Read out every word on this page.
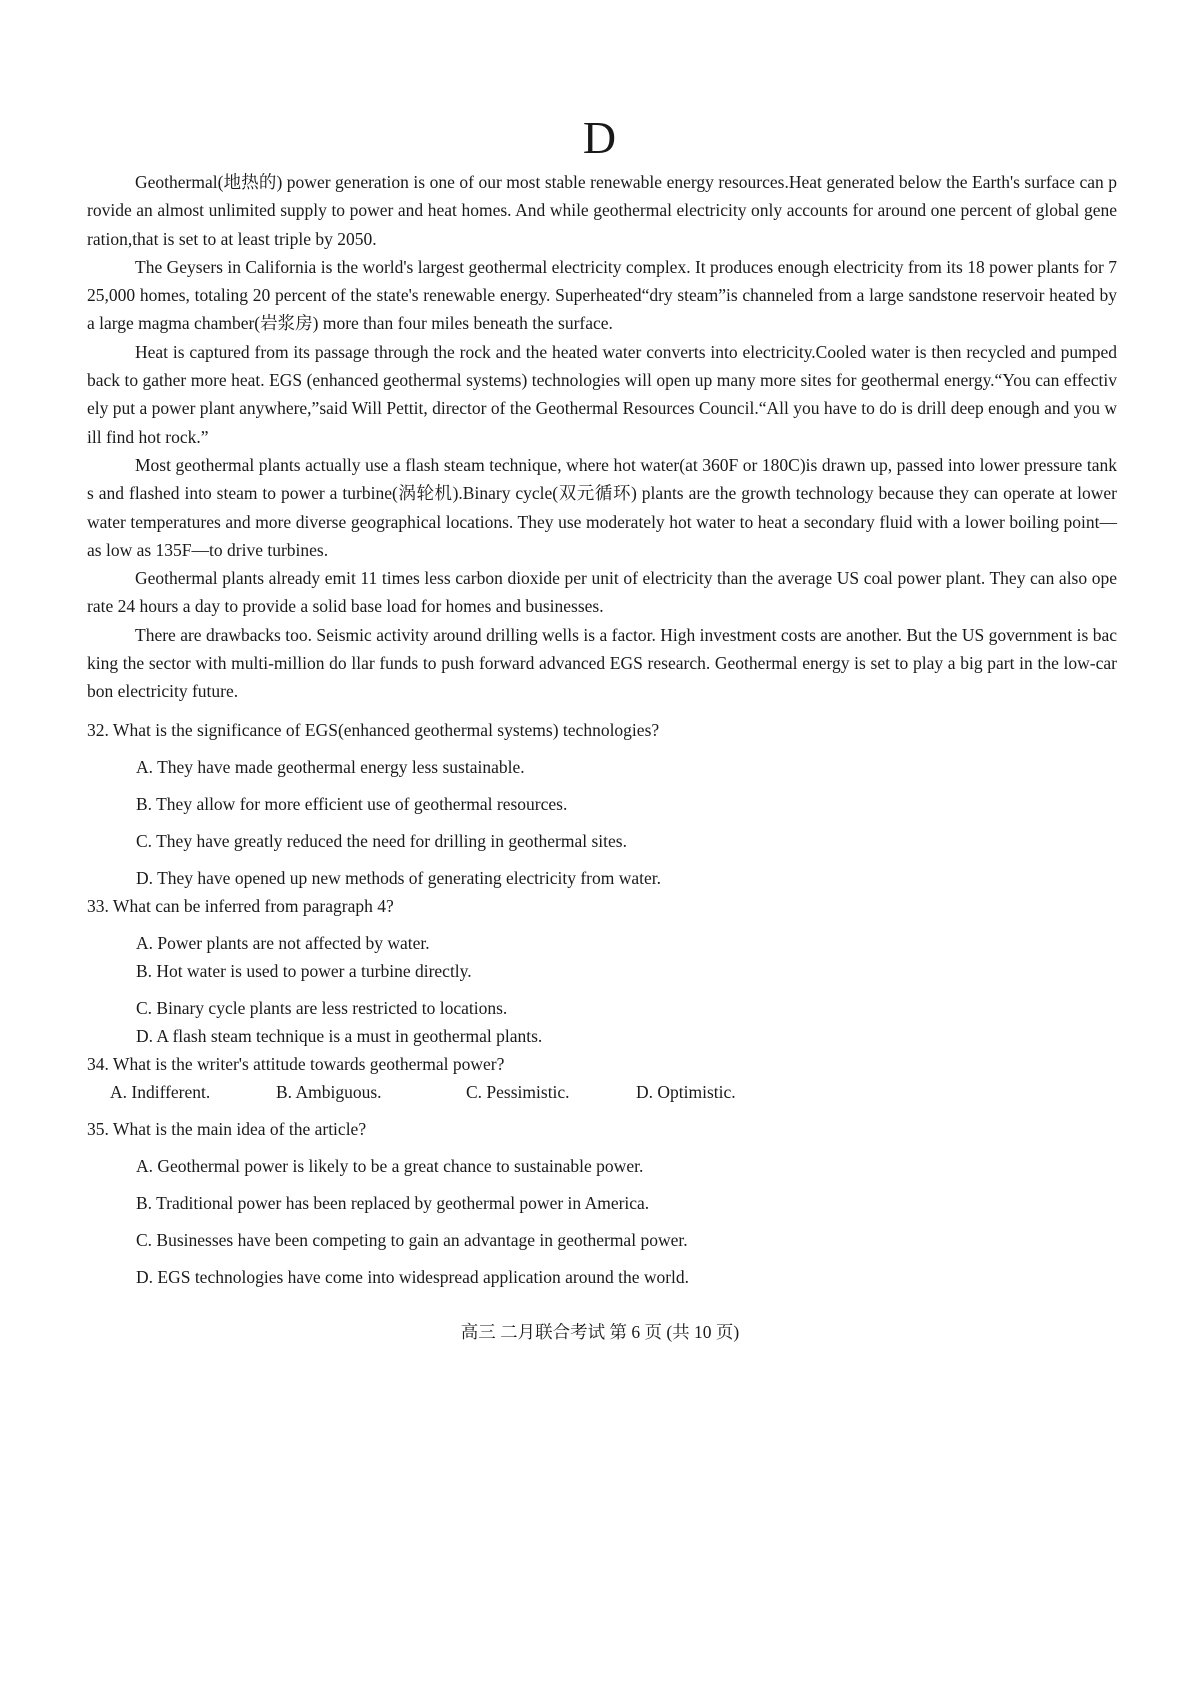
D

Geothermal(地热的) power generation is one of our most stable renewable energy resources.Heat generated below the Earth's surface can provide an almost unlimited supply to power and heat homes. And while geothermal electricity only accounts for around one percent of global generation,that is set to at least triple by 2050.

The Geysers in California is the world's largest geothermal electricity complex. It produces enough electricity from its 18 power plants for 725,000 homes, totaling 20 percent of the state's renewable energy. Superheated“dry steam”is channeled from a large sandstone reservoir heated by a large magma chamber(岩浆房) more than four miles beneath the surface.

Heat is captured from its passage through the rock and the heated water converts into electricity.Cooled water is then recycled and pumped back to gather more heat. EGS (enhanced geothermal systems) technologies will open up many more sites for geothermal energy.“You can effectively put a power plant anywhere,”said Will Pettit, director of the Geothermal Resources Council.“All you have to do is drill deep enough and you will find hot rock.”

Most geothermal plants actually use a flash steam technique, where hot water(at 360F or 180C)is drawn up, passed into lower pressure tanks and flashed into steam to power a turbine(涡轮机).Binary cycle(双元循环) plants are the growth technology because they can operate at lower water temperatures and more diverse geographical locations. They use moderately hot water to heat a secondary fluid with a lower boiling point—as low as 135F—to drive turbines.

Geothermal plants already emit 11 times less carbon dioxide per unit of electricity than the average US coal power plant. They can also operate 24 hours a day to provide a solid base load for homes and businesses.

There are drawbacks too. Seismic activity around drilling wells is a factor. High investment costs are another. But the US government is backing the sector with multi-million do llar funds to push forward advanced EGS research. Geothermal energy is set to play a big part in the low-carbon electricity future.

32. What is the significance of EGS(enhanced geothermal systems) technologies?
A. They have made geothermal energy less sustainable.
B. They allow for more efficient use of geothermal resources.
C. They have greatly reduced the need for drilling in geothermal sites.
D. They have opened up new methods of generating electricity from water.
33. What can be inferred from paragraph 4?
A. Power plants are not affected by water.
B. Hot water is used to power a turbine directly.
C. Binary cycle plants are less restricted to locations.
D. A flash steam technique is a must in geothermal plants.
34. What is the writer's attitude towards geothermal power?
A. Indifferent.	B. Ambiguous.	C. Pessimistic.	D. Optimistic.
35. What is the main idea of the article?
A. Geothermal power is likely to be a great chance to sustainable power.
B. Traditional power has been replaced by geothermal power in America.
C. Businesses have been competing to gain an advantage in geothermal power.
D. EGS technologies have come into widespread application around the world.
高三 二月联合考试 第 6 页 (共 10 页)
